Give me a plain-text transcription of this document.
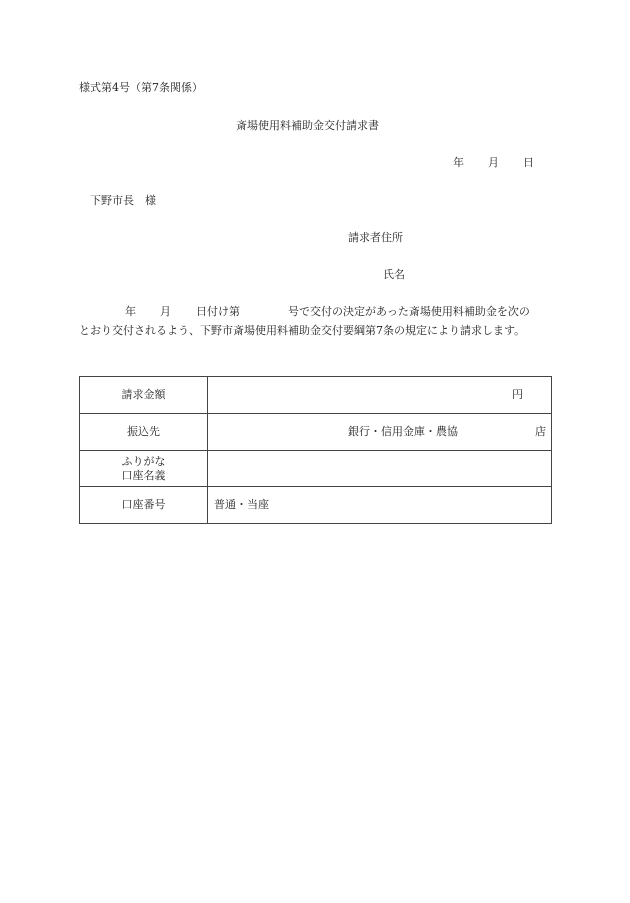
様式第4号（第7条関係）
斎場使用料補助金交付請求書
年 月 日
下野市長　様
請求者住所
氏名
年 月 日付け第	号で交付の決定があった斎場使用料補助金を次の
とおり交付されるよう、下野市斎場使用料補助金交付要綱第7条の規定により請求します。
請求金額	円

振込先	銀行・信用金庫・農協 店

ふりがな
口座名義	

口座番号	普通・当座
